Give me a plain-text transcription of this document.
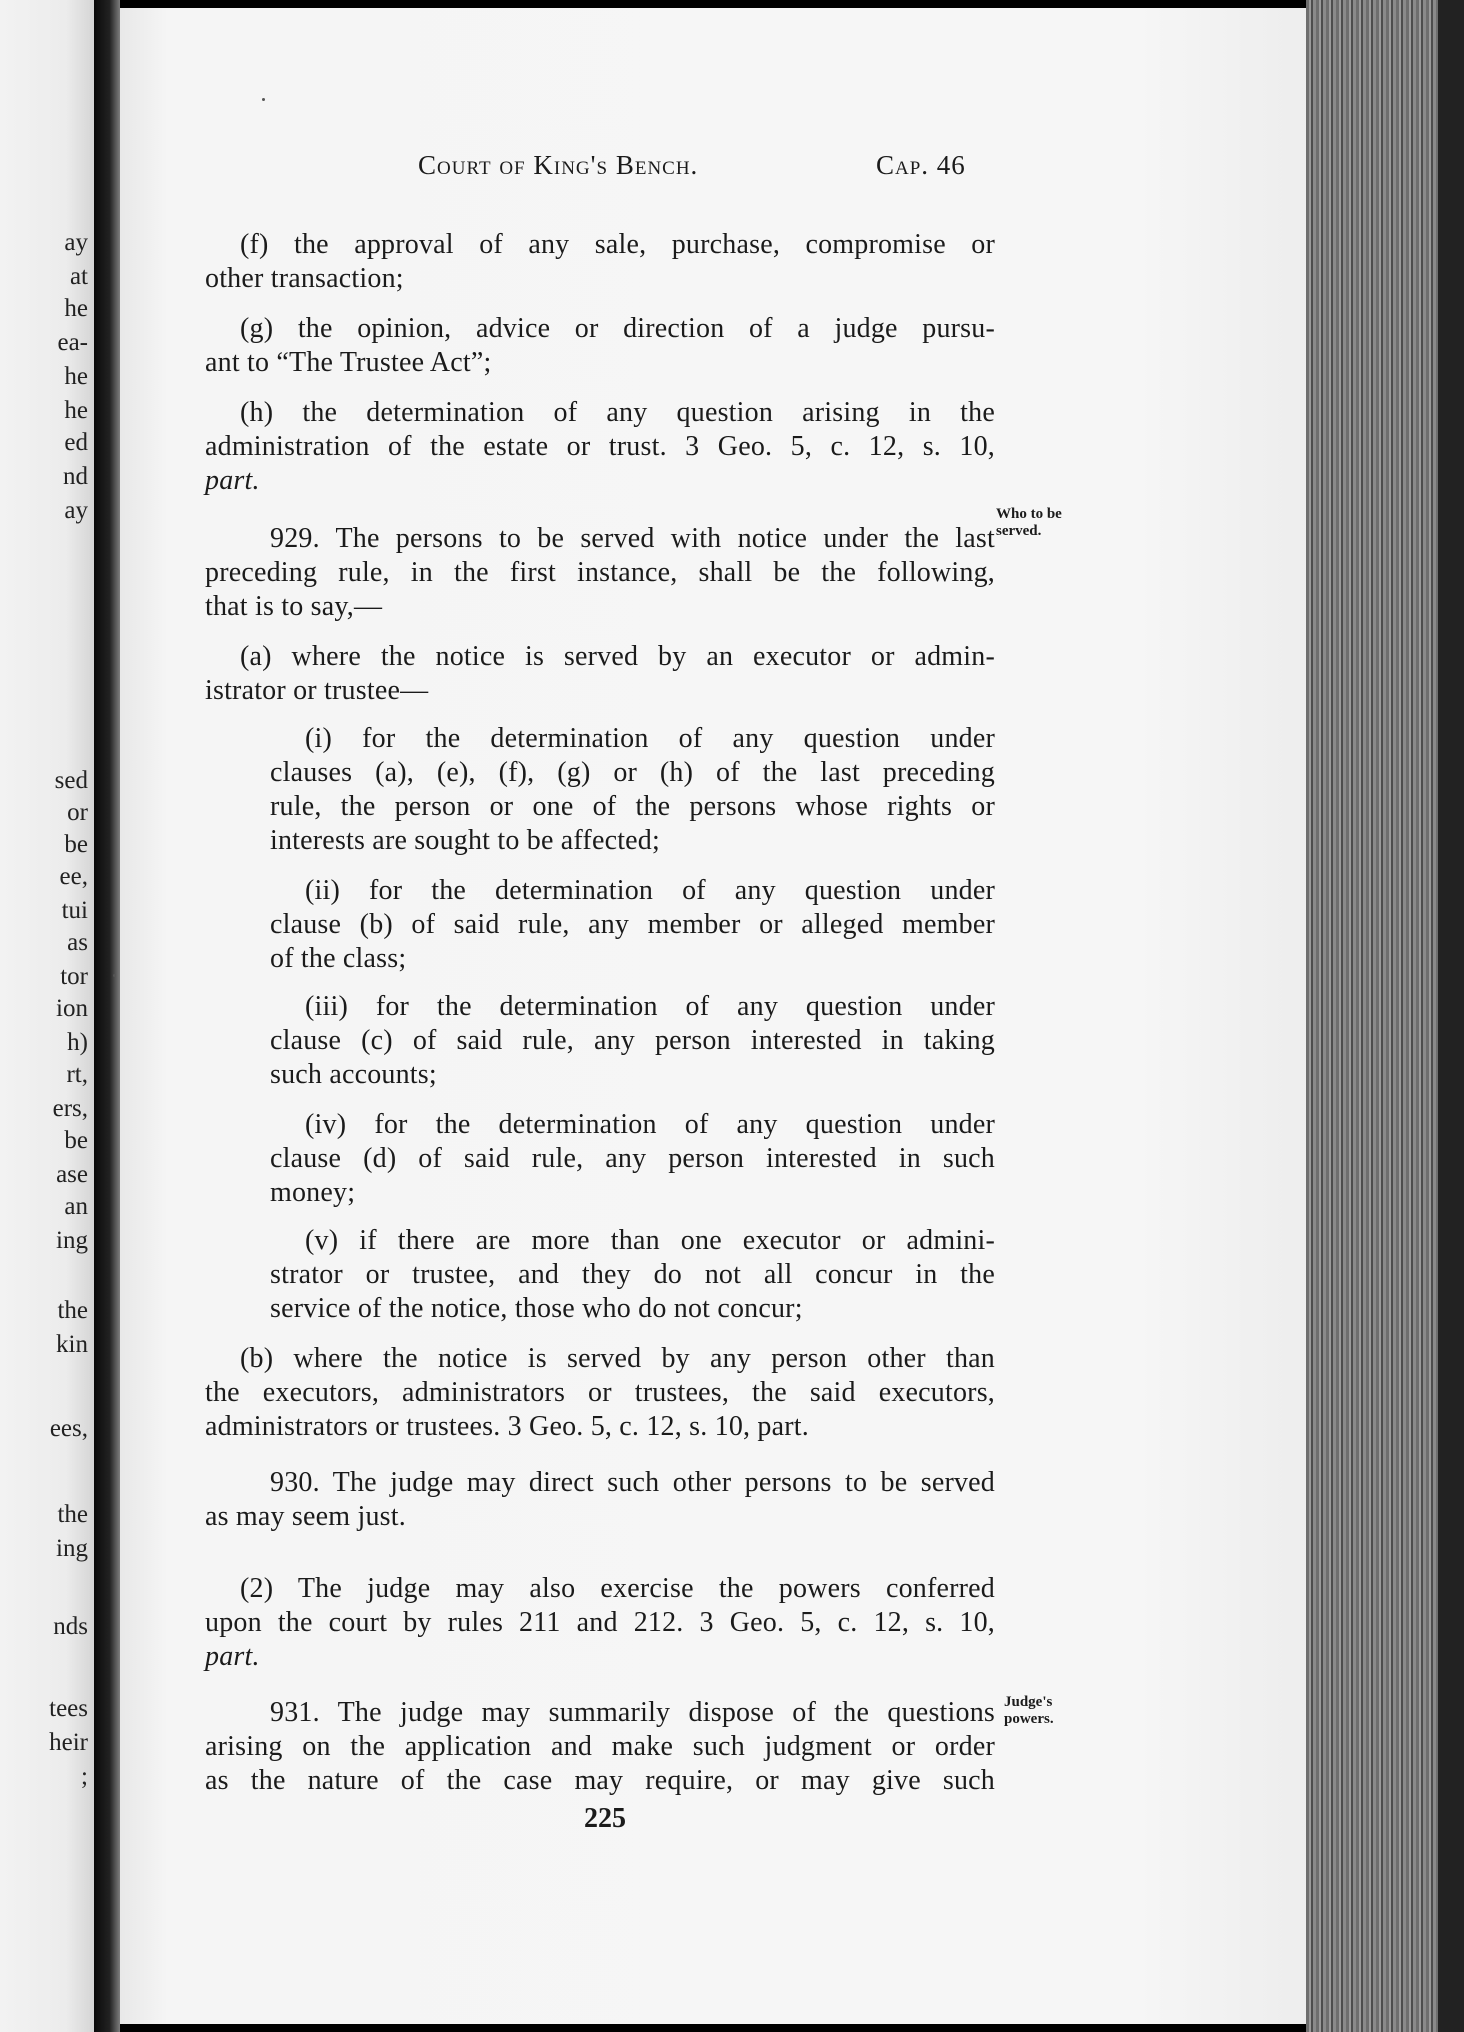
ay
at
he
ea-
he
he
ed
nd
ay
sed
or
be
ee,
tui
as
tor
ion
h)
rt,
ers,
be
ase
an
ing
the
kin
ees,
the
ing
nds
tees
heir
;
Court of King's Bench.	Cap. 46
(f) the approval of any sale, purchase, compromise or
other transaction;
(g) the opinion, advice or direction of a judge pursu-
ant to “The Trustee Act”;
(h) the determination of any question arising in the
administration of the estate or trust. 3 Geo. 5, c. 12, s. 10,
part.
929. The persons to be served with notice under the last
preceding rule, in the first instance, shall be the following,
that is to say,—
(a) where the notice is served by an executor or admin-
istrator or trustee—
(i) for the determination of any question under
clauses (a), (e), (f), (g) or (h) of the last preceding
rule, the person or one of the persons whose rights or
interests are sought to be affected;
(ii) for the determination of any question under
clause (b) of said rule, any member or alleged member
of the class;
(iii) for the determination of any question under
clause (c) of said rule, any person interested in taking
such accounts;
(iv) for the determination of any question under
clause (d) of said rule, any person interested in such
money;
(v) if there are more than one executor or admini-
strator or trustee, and they do not all concur in the
service of the notice, those who do not concur;
(b) where the notice is served by any person other than
the executors, administrators or trustees, the said executors,
administrators or trustees. 3 Geo. 5, c. 12, s. 10, part.
930. The judge may direct such other persons to be served
as may seem just.
(2) The judge may also exercise the powers conferred
upon the court by rules 211 and 212. 3 Geo. 5, c. 12, s. 10,
part.
931. The judge may summarily dispose of the questions
arising on the application and make such judgment or order
as the nature of the case may require, or may give such
Who to be
served.
Judge's
powers.
225
